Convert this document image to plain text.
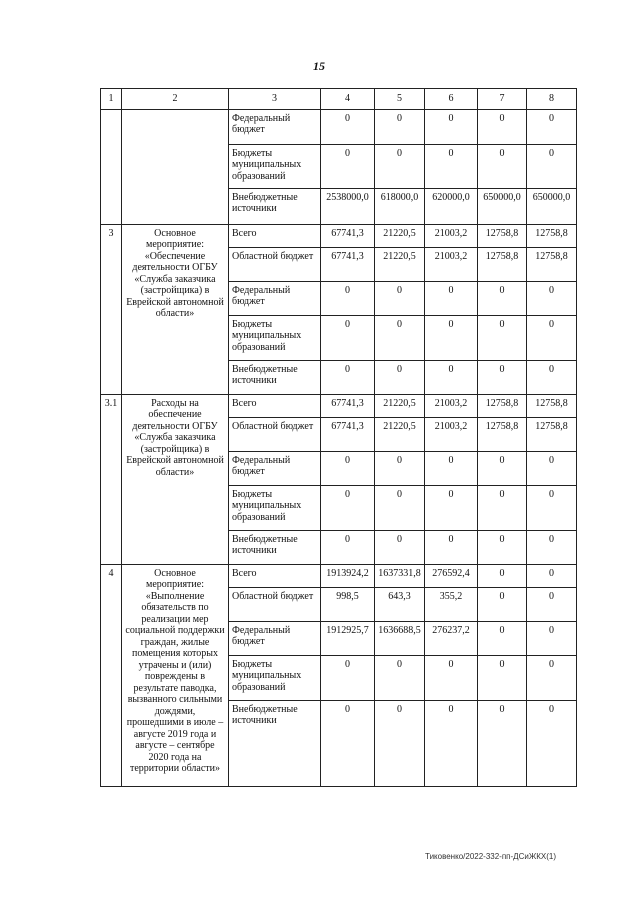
15
1	2	3	4	5	6	7	8
		Федеральный бюджет	0	0	0	0	0
		Бюджеты муниципальных образований	0	0	0	0	0
		Внебюджетные источники	2538000,0	618000,0	620000,0	650000,0	650000,0
3	Основное мероприятие: «Обеспечение деятельности ОГБУ «Служба заказчика (застройщика) в Еврейской автономной области»	Всего	67741,3	21220,5	21003,2	12758,8	12758,8
		Областной бюджет	67741,3	21220,5	21003,2	12758,8	12758,8
		Федеральный бюджет	0	0	0	0	0
		Бюджеты муниципальных образований	0	0	0	0	0
		Внебюджетные источники	0	0	0	0	0
3.1	Расходы на обеспечение деятельности ОГБУ «Служба заказчика (застройщика) в Еврейской автономной области»	Всего	67741,3	21220,5	21003,2	12758,8	12758,8
		Областной бюджет	67741,3	21220,5	21003,2	12758,8	12758,8
		Федеральный бюджет	0	0	0	0	0
		Бюджеты муниципальных образований	0	0	0	0	0
		Внебюджетные источники	0	0	0	0	0
4	Основное мероприятие: «Выполнение обязательств по реализации мер социальной поддержки граждан, жилые помещения которых утрачены и (или) повреждены в результате паводка, вызванного сильными дождями, прошедшими в июле – августе 2019 года и августе – сентябре 2020 года на территории области»	Всего	1913924,2	1637331,8	276592,4	0	0
		Областной бюджет	998,5	643,3	355,2	0	0
		Федеральный бюджет	1912925,7	1636688,5	276237,2	0	0
		Бюджеты муниципальных образований	0	0	0	0	0
		Внебюджетные источники	0	0	0	0	0
Тиковенко/2022-332-пп-ДСиЖКХ(1)
